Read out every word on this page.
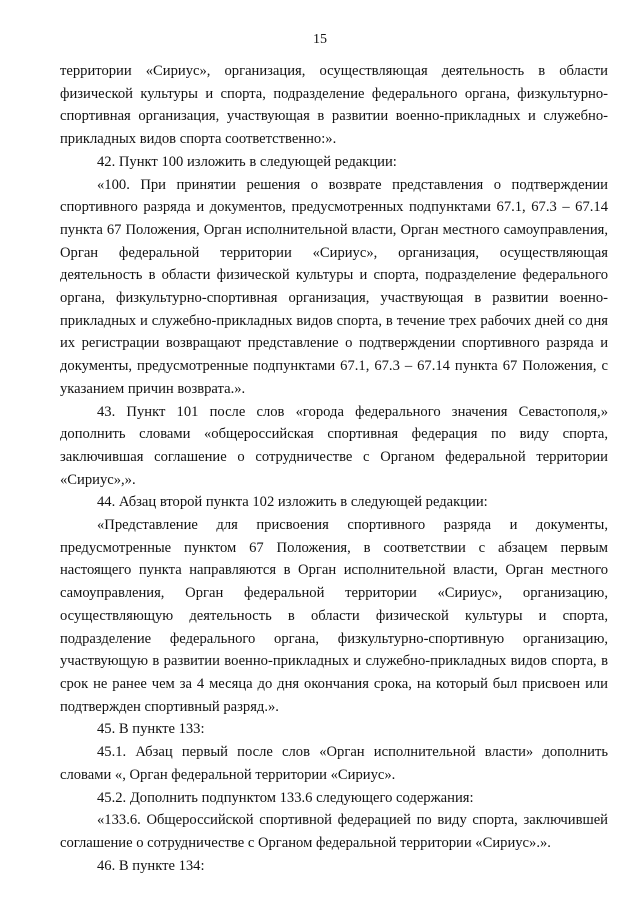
15

территории «Сириус», организация, осуществляющая деятельность в области физической культуры и спорта, подразделение федерального органа, физкультурно-спортивная организация, участвующая в развитии военно-прикладных и служебно-прикладных видов спорта соответственно:».

42. Пункт 100 изложить в следующей редакции:

«100. При принятии решения о возврате представления о подтверждении спортивного разряда и документов, предусмотренных подпунктами 67.1, 67.3 – 67.14 пункта 67 Положения, Орган исполнительной власти, Орган местного самоуправления, Орган федеральной территории «Сириус», организация, осуществляющая деятельность в области физической культуры и спорта, подразделение федерального органа, физкультурно-спортивная организация, участвующая в развитии военно-прикладных и служебно-прикладных видов спорта, в течение трех рабочих дней со дня их регистрации возвращают представление о подтверждении спортивного разряда и документы, предусмотренные подпунктами 67.1, 67.3 – 67.14 пункта 67 Положения, с указанием причин возврата.».

43. Пункт 101 после слов «города федерального значения Севастополя,» дополнить словами «общероссийская спортивная федерация по виду спорта, заключившая соглашение о сотрудничестве с Органом федеральной территории «Сириус»,».

44. Абзац второй пункта 102 изложить в следующей редакции:

«Представление для присвоения спортивного разряда и документы, предусмотренные пунктом 67 Положения, в соответствии с абзацем первым настоящего пункта направляются в Орган исполнительной власти, Орган местного самоуправления, Орган федеральной территории «Сириус», организацию, осуществляющую деятельность в области физической культуры и спорта, подразделение федерального органа, физкультурно-спортивную организацию, участвующую в развитии военно-прикладных и служебно-прикладных видов спорта, в срок не ранее чем за 4 месяца до дня окончания срока, на который был присвоен или подтвержден спортивный разряд.».

45. В пункте 133:

45.1. Абзац первый после слов «Орган исполнительной власти» дополнить словами «, Орган федеральной территории «Сириус».

45.2. Дополнить подпунктом 133.6 следующего содержания:

«133.6. Общероссийской спортивной федерацией по виду спорта, заключившей соглашение о сотрудничестве с Органом федеральной территории «Сириус».».

46. В пункте 134:
